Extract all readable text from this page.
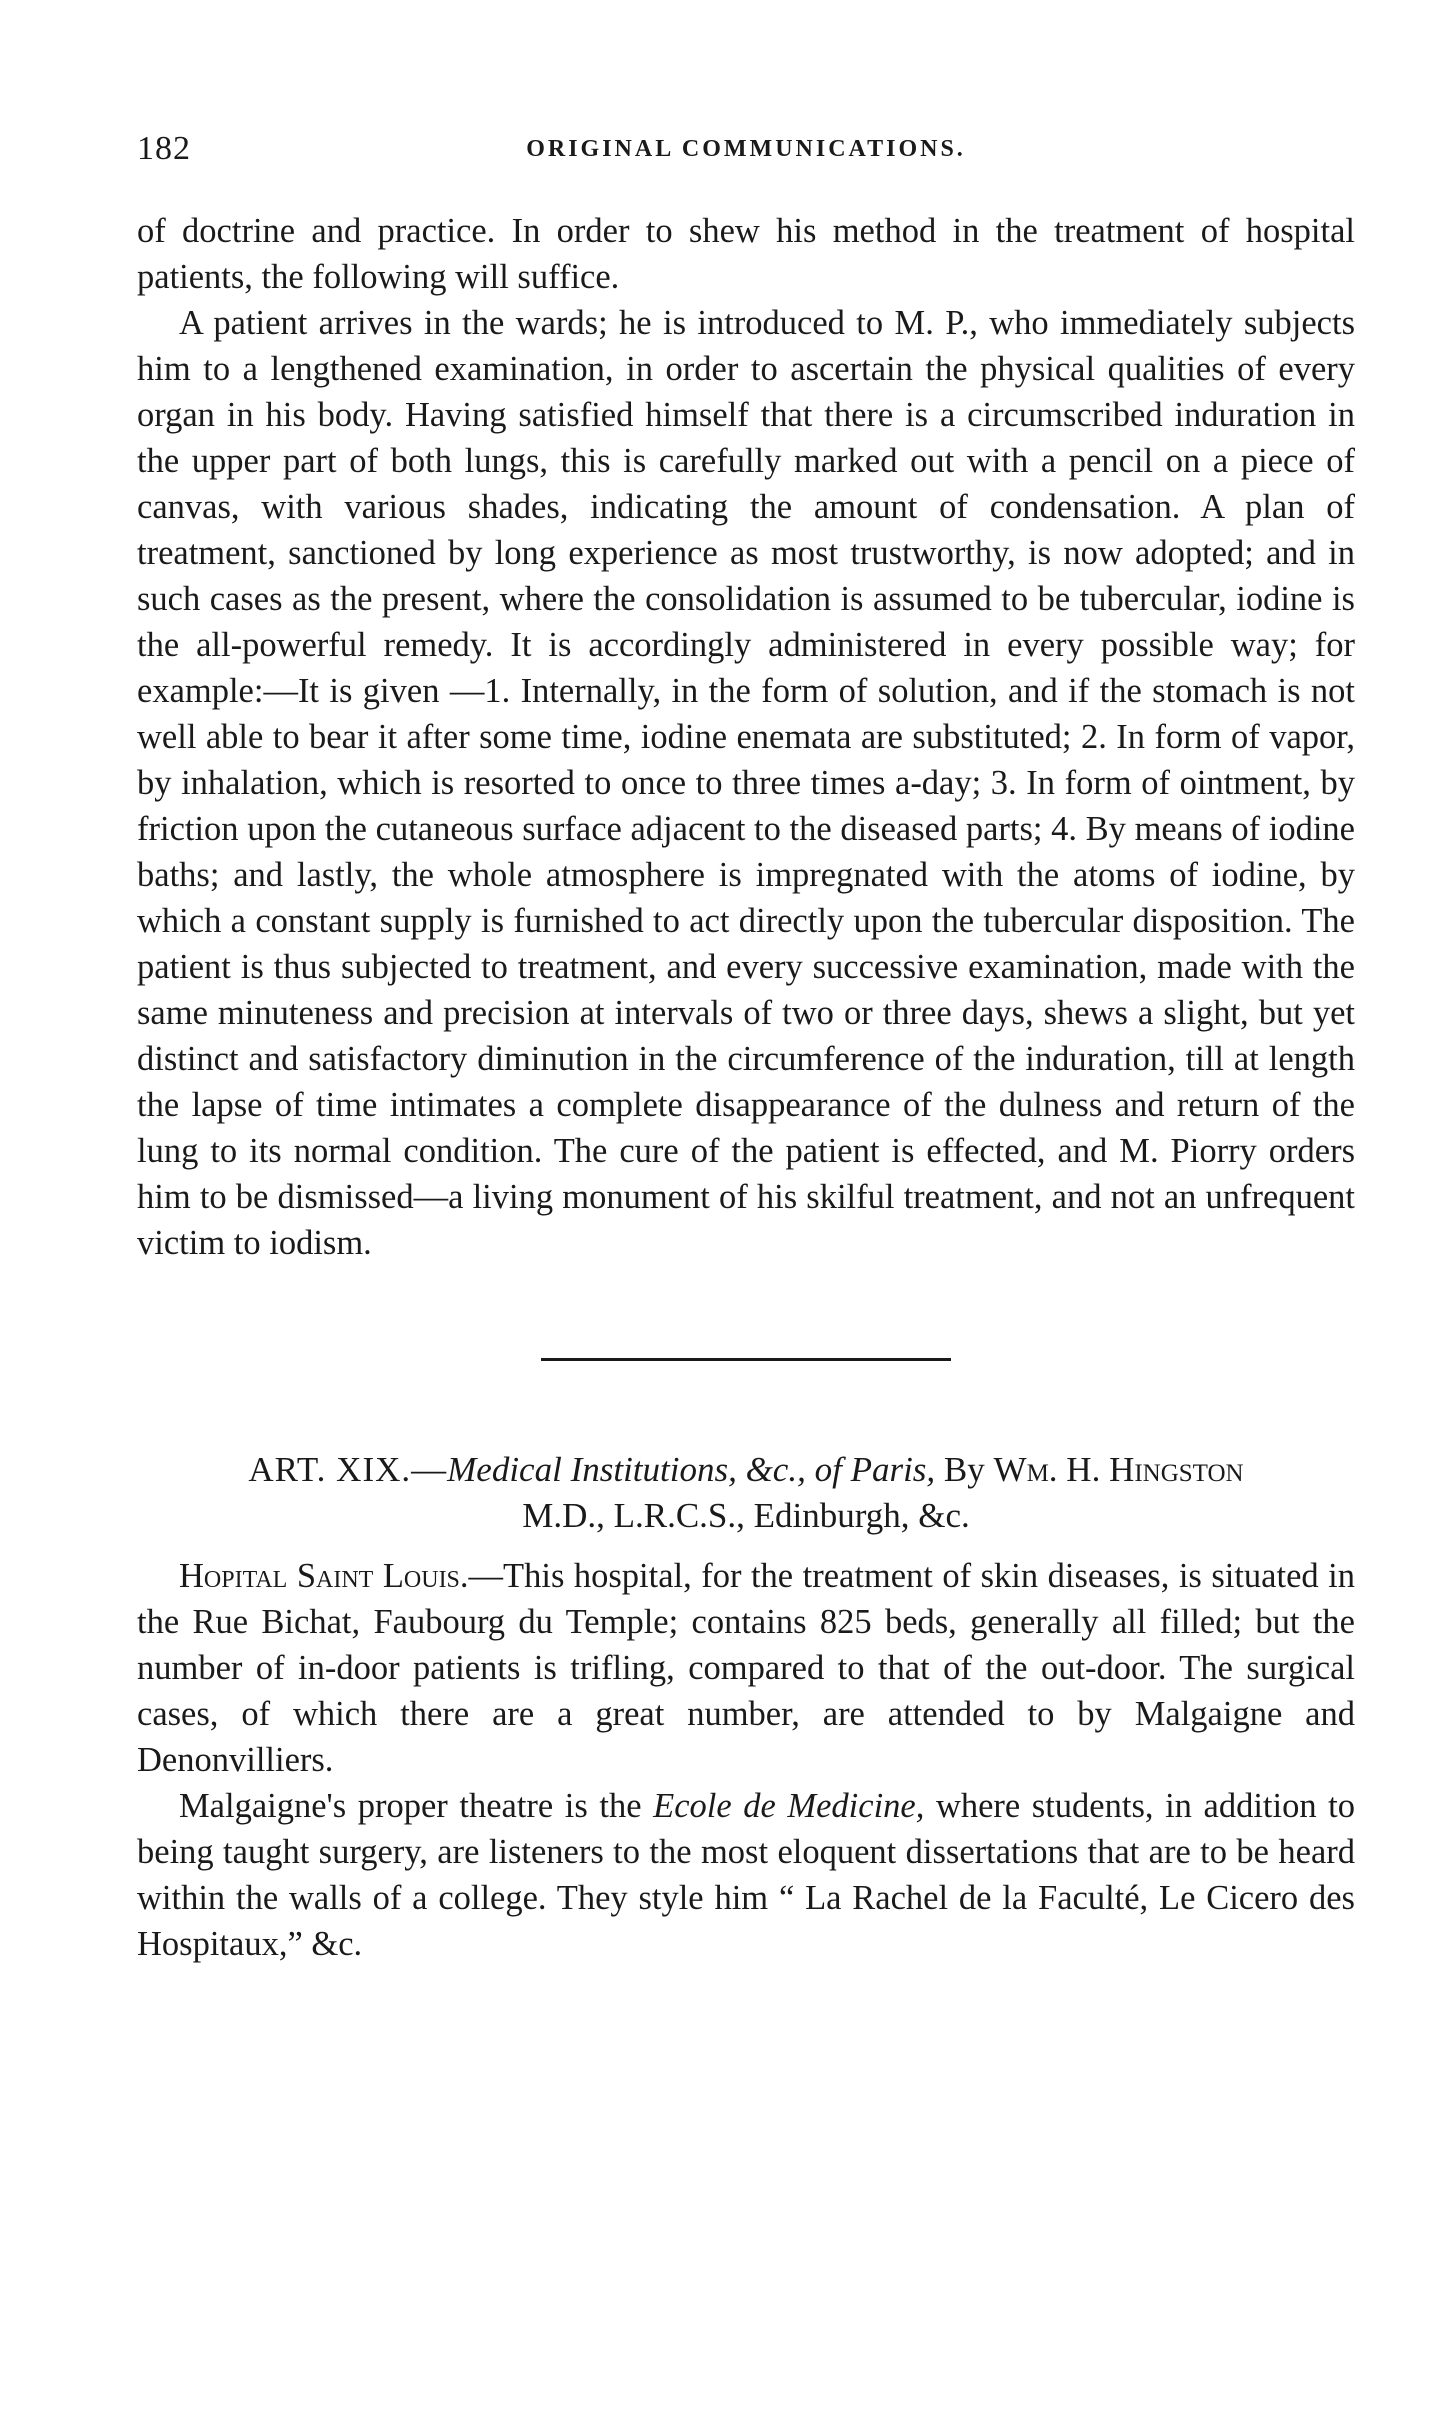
182	ORIGINAL COMMUNICATIONS.

of doctrine and practice. In order to shew his method in the treatment of hospital patients, the following will suffice.

A patient arrives in the wards; he is introduced to M. P., who immediately subjects him to a lengthened examination, in order to ascertain the physical qualities of every organ in his body. Having satisfied himself that there is a circumscribed induration in the upper part of both lungs, this is carefully marked out with a pencil on a piece of canvas, with various shades, indicating the amount of condensation. A plan of treatment, sanctioned by long experience as most trustworthy, is now adopted; and in such cases as the present, where the consolidation is assumed to be tubercular, iodine is the all-powerful remedy. It is accordingly administered in every possible way; for example:—It is given —1. Internally, in the form of solution, and if the stomach is not well able to bear it after some time, iodine enemata are substituted; 2. In form of vapor, by inhalation, which is resorted to once to three times a-day; 3. In form of ointment, by friction upon the cutaneous surface adjacent to the diseased parts; 4. By means of iodine baths; and lastly, the whole atmosphere is impregnated with the atoms of iodine, by which a constant supply is furnished to act directly upon the tubercular disposition. The patient is thus subjected to treatment, and every successive examination, made with the same minuteness and precision at intervals of two or three days, shews a slight, but yet distinct and satisfactory diminution in the circumference of the induration, till at length the lapse of time intimates a complete disappearance of the dulness and return of the lung to its normal condition. The cure of the patient is effected, and M. Piorry orders him to be dismissed—a living monument of his skilful treatment, and not an unfrequent victim to iodism.

ART. XIX.—Medical Institutions, &c., of Paris, By Wm. H. Hingston
M.D., L.R.C.S., Edinburgh, &c.

Hopital Saint Louis.—This hospital, for the treatment of skin diseases, is situated in the Rue Bichat, Faubourg du Temple; contains 825 beds, generally all filled; but the number of in-door patients is trifling, compared to that of the out-door. The surgical cases, of which there are a great number, are attended to by Malgaigne and Denonvilliers.

Malgaigne's proper theatre is the Ecole de Medicine, where students, in addition to being taught surgery, are listeners to the most eloquent dissertations that are to be heard within the walls of a college. They style him “ La Rachel de la Faculté, Le Cicero des Hospitaux,” &c.
